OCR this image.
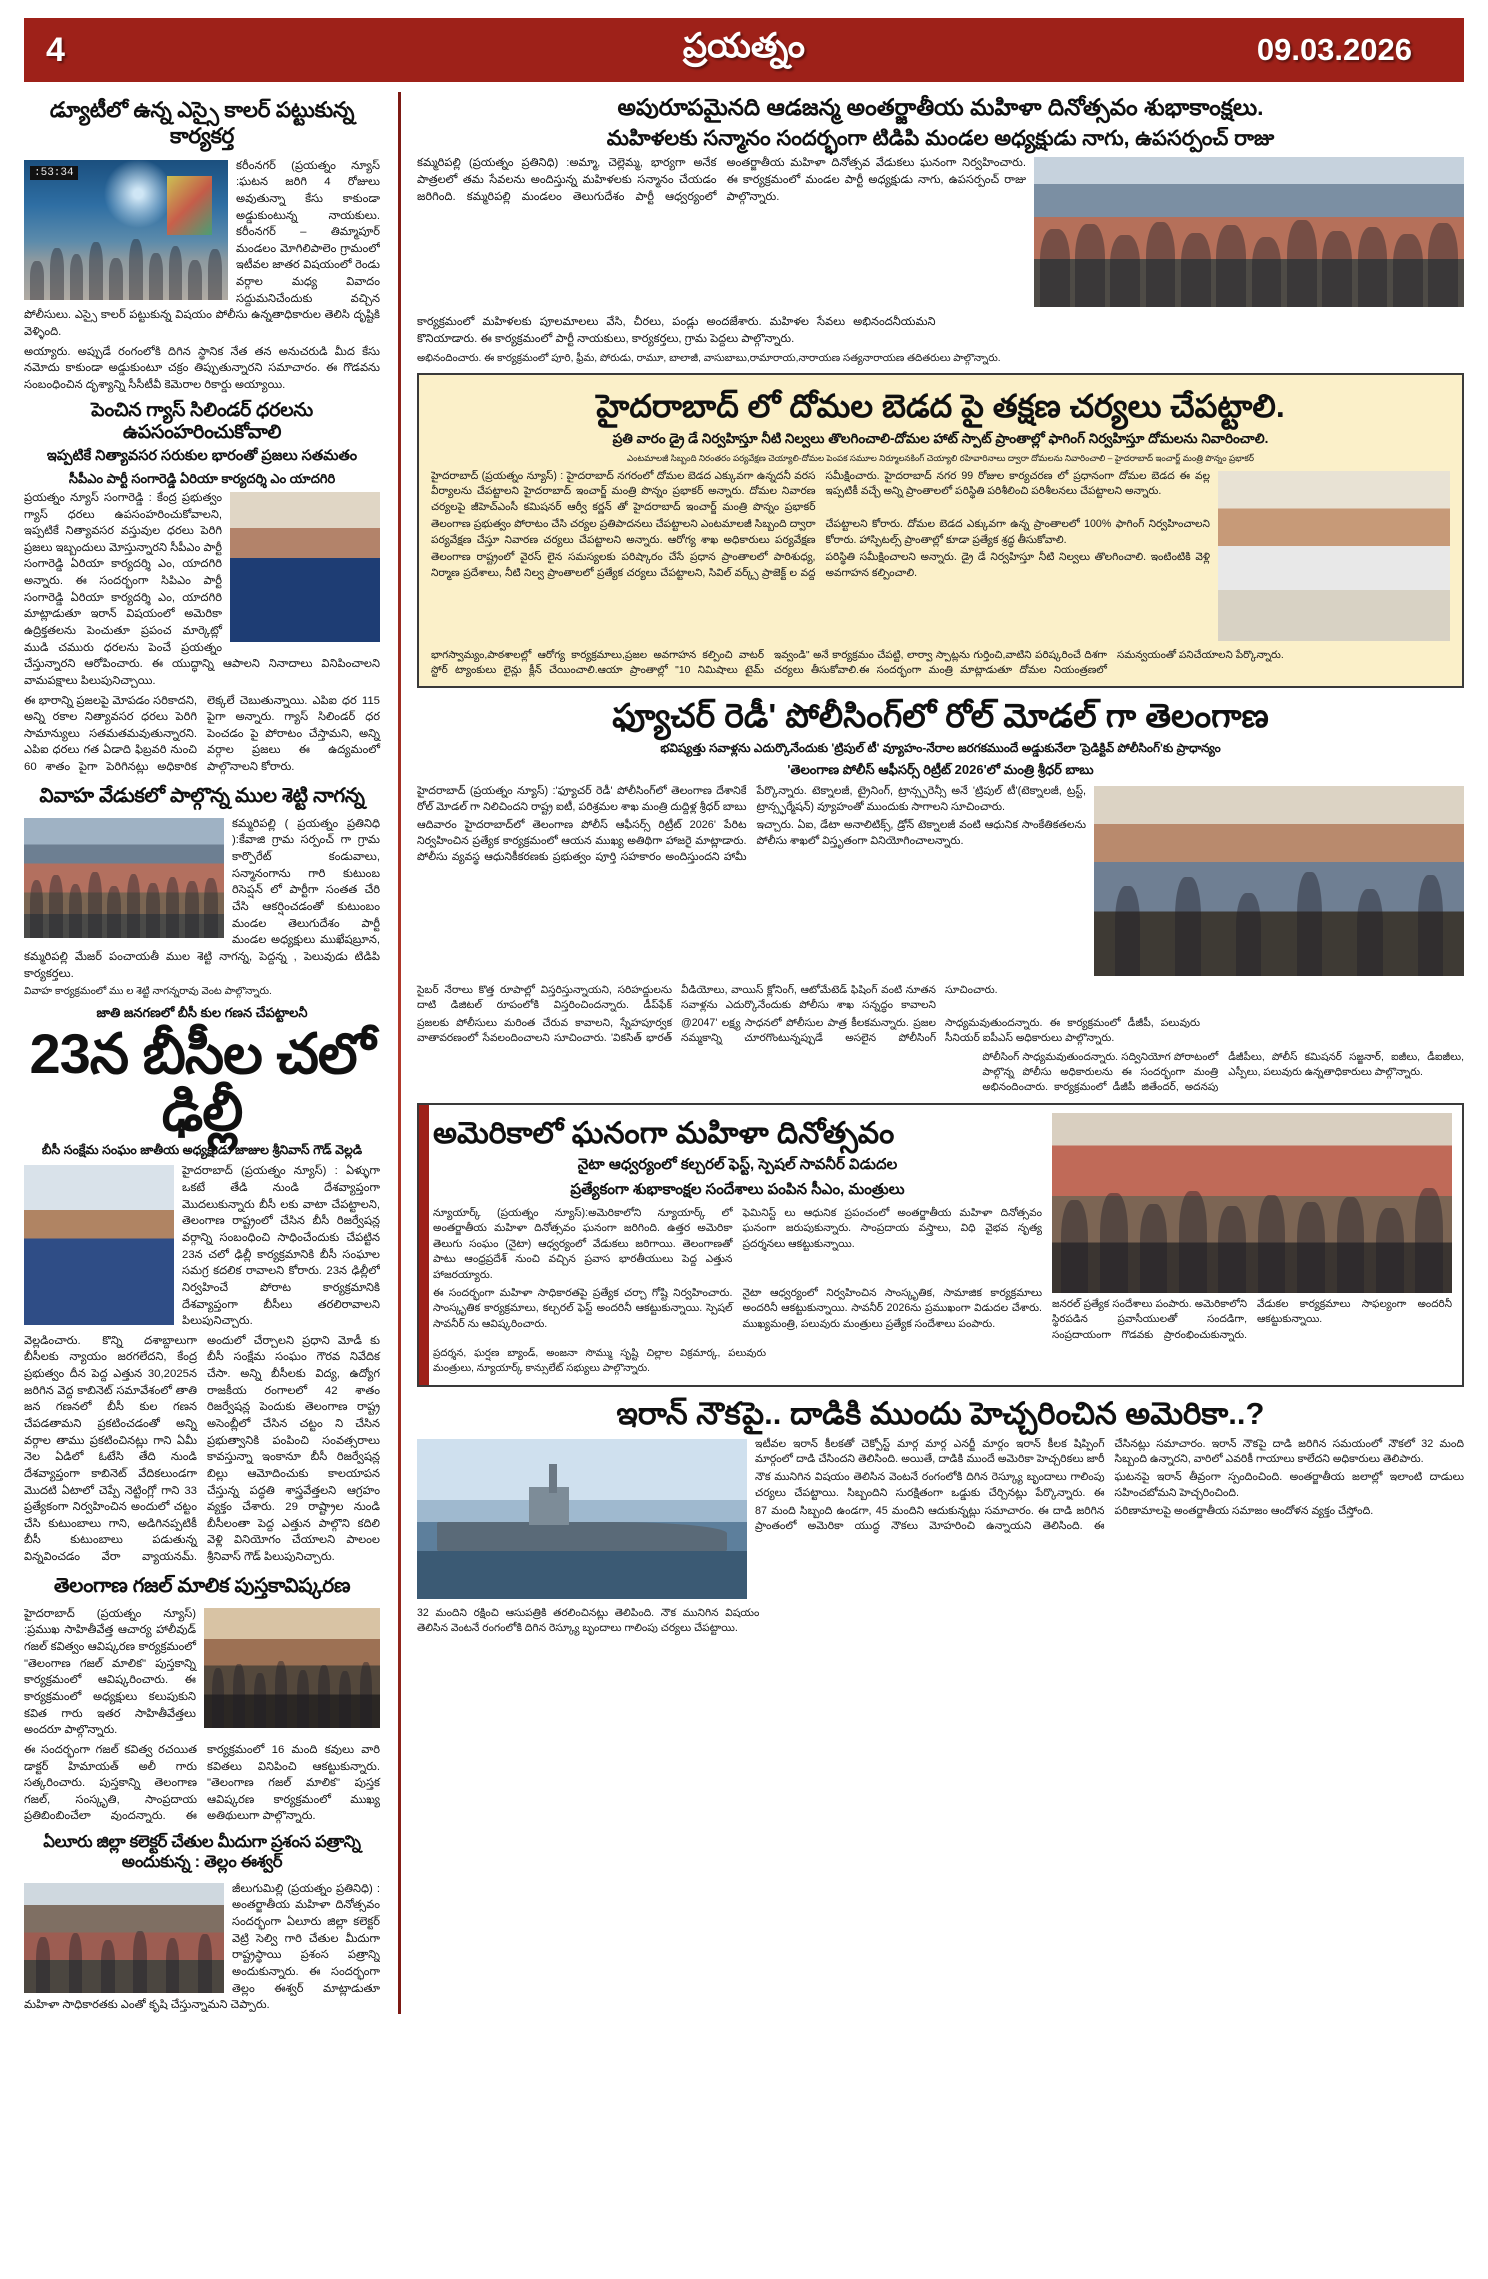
4	ప్రయత్నం	09.03.2026
డ్యూటీలో ఉన్న ఎస్సై కాలర్ పట్టుకున్న కార్యకర్త
:53:34
కరీంనగర్ (ప్రయత్నం న్యూస్ :ఘటన జరిగి 4 రోజులు అవుతున్నా కేసు కాకుండా అడ్డుకుంటున్న నాయకులు. కరీంనగర్ – తిమ్మాపూర్ మండలం మోగిలిపాలెం గ్రామంలో ఇటీవల జాతర విషయంలో రెండు వర్గాల మధ్య వివాదం సద్దుమనిచేందుకు వచ్చిన పోలీసులు. ఎస్సై కాలర్ పట్టుకున్న విషయం పోలీసు ఉన్నతాధికారుల తెలిసి దృష్టికి వెళ్ళింది.
అయ్యారు. అప్పుడే రంగంలోకి దిగిన స్థానిక నేత తన అనుచరుడి మీద కేసు నమోదు కాకుండా అడ్డుకుంటూ చక్రం తిప్పుతున్నారని సమాచారం. ఈ గొడవను సంబంధించిన దృశ్యాన్ని సీసీటీవీ కెమెరాల రికార్డు అయ్యాయి.
పెంచిన గ్యాస్ సిలిండర్ ధరలను ఉపసంహరించుకోవాలి
ఇప్పటికే నిత్యావసర సరుకుల భారంతో ప్రజలు సతమతం
సీపీఎం పార్టీ సంగారెడ్డి ఏరియా కార్యదర్శి ఎం యాదగిరి
ప్రయత్నం న్యూస్ సంగారెడ్డి : కేంద్ర ప్రభుత్వం గ్యాస్ ధరలు ఉపసంహరించుకోవాలని, ఇప్పటికే నిత్యావసర వస్తువుల ధరలు పెరిగి ప్రజలు ఇబ్బందులు మోస్తున్నారని సీపీఎం పార్టీ సంగారెడ్డి ఏరియా కార్యదర్శి ఎం, యాదగిరి అన్నారు. ఈ సందర్భంగా సిపిఎం పార్టీ సంగారెడ్డి ఏరియా కార్యదర్శి ఎం, యాదగిరి మాట్లాడుతూ ఇరాన్ విషయంలో అమెరికా ఉద్రిక్తతలను పెంచుతూ ప్రపంచ మార్కెట్లో ముడి చమురు ధరలను పెంచే ప్రయత్నం చేస్తున్నారని ఆరోపించారు. ఈ యుద్ధాన్ని ఆపాలని నినాదాలు వినిపించాలని వామపక్షాలు పిలుపునిచ్చాయి.
ఈ భారాన్ని ప్రజలపై మోపడం సరికాదని, అన్ని రకాల నిత్యావసర ధరలు పెరిగి సామాన్యులు సతమతమవుతున్నారని. ఎపిఐ ధరలు గత ఏడాది ఫిబ్రవరి నుంచి 60 శాతం పైగా పెరిగినట్లు అధికారిక లెక్కలే చెబుతున్నాయి. ఎపిఐ ధర 115 పైగా అన్నారు. గ్యాస్ సిలిండర్ ధర పెంచడం పై పోరాటం చేస్తామని, అన్ని వర్గాల ప్రజలు ఈ ఉద్యమంలో పాల్గొనాలని కోరారు.
వివాహ వేడుకలో పాల్గొన్న ముల శెట్టి నాగన్న
కమ్మరిపల్లి ( ప్రయత్నం ప్రతినిధి ):కేవాజి గ్రామ సర్పంచ్ గా గ్రామ కార్పొరేట్ కండువాలు, సన్మానంగాను గారి కుటుంబ రిసెప్షన్ లో పార్టీగా సంతత చేరి చేసి ఆకర్షించడంతో కుటుంబం మండల తెలుగుదేశం పార్టీ మండల అధ్యక్షులు ముఖేషబ్రూన, కమ్మరిపల్లి మేజర్ పంచాయతీ ముల శెట్టి నాగన్న, పెద్దన్న , పెలువుడు టిడిపి కార్యకర్తలు.
వివాహ కార్యక్రమంలో ము ల శెట్టి నాగన్నరావు వెంట పాల్గొన్నారు.
జాతి జనగణలో బీసీ కుల గణన చేపట్టాలనీ
23న బీసీల చలో ఢిల్లీ
బీసీ సంక్షేమ సంఘం జాతీయ అధ్యక్షుడు జాజుల శ్రీనివాస్ గౌడ్ వెల్లడి
హైదరాబాద్ (ప్రయత్నం న్యూస్) : ఏళ్ళుగా ఒకటే తేడి నుండి దేశవ్యాప్తంగా మొదలుకున్నారు బీసీ లకు వాటా చేపట్టాలని, తెలంగాణ రాష్ట్రంలో చేసిన బీసీ రిజర్వేషన్ల వర్గాన్ని సంబంధించి సాధించేందుకు చేపట్టిన 23న చలో ఢిల్లీ కార్యక్రమానికి బీసీ సంఘాల సమగ్ర కదలిక రావాలని కోరారు. 23న ఢిల్లీలో నిర్వహించే పోరాట కార్యక్రమానికి దేశవ్యాప్తంగా బీసీలు తరలిరావాలని పిలుపునిచ్చారు.
వెల్లడించారు. కొన్ని దశాబ్దాలుగా బీసీలకు న్యాయం జరగలేదని, కేంద్ర ప్రభుత్వం దీన పెద్ద ఎత్తున 30,2025న జరిగిన వెద్ద కాబినెట్ సమావేశంలో తాతి జన గణనలో బీసీ కుల గణన చేపడతామని ప్రకటించడంతో అన్ని వర్గాల తాము ప్రకటించినట్లు గాని ఏమీ నెల ఏడిలో ఓటేసి తేది నుండి దేశవ్యాప్తంగా కాబినెట్ వేదికలుండగా మొదటి ఏటాలో చెప్పే నెట్టింగ్లో గాని 33 ప్రత్యేకంగా నిర్వహించిన అందులో చట్టం చేసి కుటుంబాలు గాని, అడిగినప్పటికీ బీసీ కుటుంబాలు పడుతున్న విన్నవించడం వేరా వ్యాయనమ్. అందులో చేర్చాలని ప్రధాని మోడీ కు బీసీ సంక్షేమ సంఘం గౌరవ నివేదిక చేసా. అన్ని బీసీలకు విద్య, ఉద్యోగ రాజకీయ రంగాలలో 42 శాతం రిజర్వేషన్ల పెందుకు తెలంగాణ రాష్ట్ర అసెంబ్లీలో చేసిన చట్టం ని చేసిన ప్రభుత్వానికి పంపించి సంవత్సరాలు కావస్తున్నా ఇంకానూ బీసీ రిజర్వేషన్ల బిల్లు ఆమోదించుకు కాలయాపన చేస్తున్న పద్ధతి శాస్త్రవేత్తలని ఆగ్రహం వ్యక్తం చేశారు. 29 రాష్ట్రాల నుండి బీసీలంతా పెద్ద ఎత్తున పాల్గొని కదిలి వెళ్లి వినియోగం చేయాలని పాలంల శ్రీనివాస్ గౌడ్ పిలుపునిచ్చారు.
తెలంగాణ గజల్ మాలిక పుస్తకావిష్కరణ
హైదరాబాద్ (ప్రయత్నం న్యూస్) :ప్రముఖ సాహితీవేత్త ఆచార్య హాలీవుడ్ గజల్ కవిత్వం ఆవిష్కరణ కార్యక్రమంలో "తెలంగాణ గజల్ మాలిక" పుస్తకాన్ని కార్యక్రమంలో ఆవిష్కరించారు. ఈ కార్యక్రమంలో అధ్యక్షులు కలుపుకుని కవిత గారు ఇతర సాహితీవేత్తలు అందరూ పాల్గొన్నారు.
ఈ సందర్భంగా గజల్ కవిత్వ రచయిత డాక్టర్ హిమాయత్ అలీ గారు సత్కరించారు. పుస్తకాన్ని తెలంగాణ గజల్, సంస్కృతి, సాంప్రదాయ ప్రతిబింబించేలా వుందన్నారు. ఈ కార్యక్రమంలో 16 మంది కవులు వారి కవితలు వినిపించి ఆకట్టుకున్నారు. "తెలంగాణ గజల్ మాలిక" పుస్తక ఆవిష్కరణ కార్యక్రమంలో ముఖ్య అతిథులుగా పాల్గొన్నారు.
ఏలూరు జిల్లా కలెక్టర్ చేతుల మీదుగా ప్రశంస పత్రాన్ని అందుకున్న : తెల్లం ఈశ్వర్
జీలుగుమిల్లి (ప్రయత్నం ప్రతినిధి) : అంతర్జాతీయ మహిళా దినోత్సవం సందర్భంగా ఏలూరు జిల్లా కలెక్టర్ వెట్రి సెల్వి గారి చేతుల మీదుగా రాష్ట్రస్థాయి ప్రశంస పత్రాన్ని అందుకున్నారు. ఈ సందర్భంగా తెల్లం ఈశ్వర్ మాట్లాడుతూ మహిళా సాధికారతకు ఎంతో కృషి చేస్తున్నామని చెప్పారు.
అపురూపమైనది ఆడజన్మ అంతర్జాతీయ మహిళా దినోత్సవం శుభాకాంక్షలు.
మహిళలకు సన్మానం సందర్భంగా టిడిపి మండల అధ్యక్షుడు నాగు, ఉపసర్పంచ్ రాజు
కమ్మరిపల్లి (ప్రయత్నం ప్రతినిధి) :అమ్మా, చెల్లెమ్మ, భార్యగా అనేక పాత్రలలో తమ సేవలను అందిస్తున్న మహిళలకు సన్మానం చేయడం జరిగింది. కమ్మరిపల్లి మండలం తెలుగుదేశం పార్టీ ఆధ్వర్యంలో అంతర్జాతీయ మహిళా దినోత్సవ వేడుకలు ఘనంగా నిర్వహించారు. ఈ కార్యక్రమంలో మండల పార్టీ అధ్యక్షుడు నాగు, ఉపసర్పంచ్ రాజు పాల్గొన్నారు.
కార్యక్రమంలో మహిళలకు పూలమాలలు వేసి, చీరలు, పండ్లు అందజేశారు. మహిళల సేవలు అభినందనీయమని కొనియాడారు. ఈ కార్యక్రమంలో పార్టీ నాయకులు, కార్యకర్తలు, గ్రామ పెద్దలు పాల్గొన్నారు.
అభినందించారు. ఈ కార్యక్రమంలో పూరి, ఫ్రీమ, పోరుడు, రామూ, బాలాజీ, వాసుబాబు,రామారాయ,నారాయణ సత్యనారాయణ తదితరులు పాల్గొన్నారు.
హైదరాబాద్ లో దోమల బెడద పై తక్షణ చర్యలు చేపట్టాలి.
ప్రతి వారం డ్రై డే నిర్వహిస్తూ నీటి నిల్వలు తొలగించాలి-దోమల హాట్ స్పాట్ ప్రాంతాల్లో ఫాగింగ్ నిర్వహిస్తూ దోమలను నివారించాలి.
ఎంటమాలజీ సిబ్బంది నిరంతరం పర్యవేక్షణ చెయ్యాలి-దోమల పెంపక సమూల నిర్మూలనకింగ్ చెయ్యాలి రహివారినాలు ద్వారా దోమలను నివారించాలి – హైదరాబాద్ ఇంచార్జ్ మంత్రి పొన్నం ప్రభాకర్
హైదరాబాద్ (ప్రయత్నం న్యూస్) : హైదరాబాద్ నగరంలో దోమల బెడద ఎక్కువగా ఉన్నదనీ వరస వీర్యాలను చేపట్టాలని హైదరాబాద్ ఇంచార్జ్ మంత్రి పొన్నం ప్రభాకర్ అన్నారు. దోమల నివారణ చర్యలపై జీహెచ్ఎంసీ కమిషనర్ ఆర్వీ కర్ణన్ తో హైదరాబాద్ ఇంచార్జ్ మంత్రి పొన్నం ప్రభాకర్ సమీక్షించారు. హైదరాబాద్ నగర 99 రోజుల కార్యచరణ లో ప్రధానంగా దోమల బెడద ఈ వల్ల ఇప్పటికీ వచ్చే అన్ని ప్రాంతాలలో పరిస్థితి పరిశీలించి పరిశీలనలు చేపట్టాలని అన్నారు.
తెలంగాణ ప్రభుత్వం పోరాటం చేసి చర్యల ప్రతిపాదనలు చేపట్టాలని ఎంటమాలజీ సిబ్బంది ద్వారా పర్యవేక్షణ చేస్తూ నివారణ చర్యలు చేపట్టాలని అన్నారు. ఆరోగ్య శాఖ అధికారులు పర్యవేక్షణ చేపట్టాలని కోరారు. దోమల బెడద ఎక్కువగా ఉన్న ప్రాంతాలలో 100% ఫాగింగ్ నిర్వహించాలని కోరారు. హాస్పిటల్స్ ప్రాంతాల్లో కూడా ప్రత్యేక శ్రద్ధ తీసుకోవాలి.
తెలంగాణ రాష్ట్రంలో వైరస్ లైన సమస్యలకు పరిష్కారం చేసే ప్రధాన ప్రాంతాలలో పారిశుధ్య, నిర్మాణ ప్రదేశాలు, నీటి నిల్వ ప్రాంతాలలో ప్రత్యేక చర్యలు చేపట్టాలని, సివిల్ వర్క్స్ ప్రాజెక్ట్ ల వద్ద పరిస్థితి సమీక్షించాలని అన్నారు. డ్రై డే నిర్వహిస్తూ నీటి నిల్వలు తొలగించాలి. ఇంటింటికి వెళ్లి అవగాహన కల్పించాలి.
భాగస్వామ్యం,పాఠశాలల్లో ఆరోగ్య కార్యక్రమాలు,ప్రజల అవగాహన కల్పించి వాటర్ స్టోర్ ట్యాంకులు లైన్లు క్లీన్ చేయించాలి.ఆయా ప్రాంతాల్లో "10 నిమిషాలు టైమ్ ఇవ్వండి" అనే కార్యక్రమం చేపట్టి, లార్వా స్పాట్లను గుర్తించి,వాటిని పరిష్కరించే దిశగా చర్యలు తీసుకోవాలి.ఈ సందర్భంగా మంత్రి మాట్లాడుతూ దోమల నియంత్రణలో సమన్వయంతో పనిచేయాలని పేర్కొన్నారు.
ఫ్యూచర్ రెడీ' పోలీసింగ్‌లో రోల్ మోడల్ గా తెలంగాణ
భవిష్యత్తు సవాళ్లను ఎదుర్కొనేందుకు 'ట్రిపుల్ టీ' వ్యూహం-నేరాల జరగకముందే అడ్డుకునేలా 'ప్రెడిక్టివ్ పోలీసింగ్'కు ప్రాధాన్యం
'తెలంగాణ పోలీస్ ఆఫీసర్స్ రిట్రీట్ 2026'లో మంత్రి శ్రీధర్ బాబు
హైదరాబాద్ (ప్రయత్నం న్యూస్) :'ఫ్యూచర్ రెడీ' పోలీసింగ్‌లో తెలంగాణ దేశానికే రోల్ మోడల్ గా నిలిచిందని రాష్ట్ర ఐటీ, పరిశ్రమల శాఖ మంత్రి దుద్దిళ్ల శ్రీధర్ బాబు పేర్కొన్నారు. టెక్నాలజీ, ట్రైనింగ్, ట్రాన్స్పరెన్సీ అనే 'ట్రిపుల్ టీ'(టెక్నాలజీ, ట్రస్ట్, ట్రాన్స్ఫర్మేషన్) వ్యూహంతో ముందుకు సాగాలని సూచించారు.
ఆదివారం హైదరాబాద్‌లో తెలంగాణ పోలీస్ ఆఫీసర్స్ రిట్రీట్ 2026' పేరిట నిర్వహించిన ప్రత్యేక కార్యక్రమంలో ఆయన ముఖ్య అతిథిగా హాజరై మాట్లాడారు. పోలీసు వ్యవస్థ ఆధునికీకరణకు ప్రభుత్వం పూర్తి సహకారం అందిస్తుందని హామీ ఇచ్చారు. ఏఐ, డేటా అనాలిటిక్స్, డ్రోన్ టెక్నాలజీ వంటి ఆధునిక సాంకేతికతలను పోలీసు శాఖలో విస్తృతంగా వినియోగించాలన్నారు.
సైబర్ నేరాలు కొత్త రూపాల్లో విస్తరిస్తున్నాయని, సరిహద్దులను దాటి డిజిటల్ రూపంలోకి విస్తరించిందన్నారు. డీప్‌ఫేక్ వీడియోలు, వాయిస్ క్లోనింగ్, ఆటోమేటెడ్ ఫిషింగ్ వంటి నూతన సవాళ్లను ఎదుర్కొనేందుకు పోలీసు శాఖ సన్నద్ధం కావాలని సూచించారు.
ప్రజలకు పోలీసులు మరింత చేరువ కావాలని, స్నేహపూర్వక వాతావరణంలో సేవలందించాలని సూచించారు. 'వికసిత్ భారత్ @2047' లక్ష్య సాధనలో పోలీసుల పాత్ర కీలకమన్నారు. ప్రజల నమ్మకాన్ని చూరగొంటున్నప్పుడే అసలైన పోలీసింగ్ సాధ్యమవుతుందన్నారు. ఈ కార్యక్రమంలో డీజీపీ, పలువురు సీనియర్ ఐపీఎస్ అధికారులు పాల్గొన్నారు.
పోలీసింగ్ సాధ్యమవుతుందన్నారు. సద్వినియోగ పోరాటంలో పాల్గొన్న పోలీసు అధికారులను ఈ సందర్భంగా మంత్రి అభినందించారు. కార్యక్రమంలో డీజీపీ జితేందర్, అదనపు డీజీపీలు, పోలీస్ కమిషనర్ సజ్జనార్, ఐజీలు, డీఐజీలు, ఎస్పీలు, పలువురు ఉన్నతాధికారులు పాల్గొన్నారు.
అమెరికాలో ఘనంగా మహిళా దినోత్సవం
నైటా ఆధ్వర్యంలో కల్చరల్ ఫెస్ట్, స్పెషల్ సావనీర్ విడుదల
ప్రత్యేకంగా శుభాకాంక్షల సందేశాలు పంపిన సీఎం, మంత్రులు
న్యూయార్క్ (ప్రయత్నం న్యూస్):అమెరికాలోని న్యూయార్క్ లో అంతర్జాతీయ మహిళా దినోత్సవం ఘనంగా జరిగింది. ఉత్తర అమెరికా తెలుగు సంఘం (నైటా) ఆధ్వర్యంలో వేడుకలు జరిగాయి. తెలంగాణతో పాటు ఆంధ్రప్రదేశ్ నుంచి వచ్చిన ప్రవాస భారతీయులు పెద్ద ఎత్తున హాజరయ్యారు.
ఫెమినిస్ట్ లు ఆధునిక ప్రపంచంలో అంతర్జాతీయ మహిళా దినోత్సవం ఘనంగా జరుపుకున్నారు. సాంప్రదాయ వస్త్రాలు, విధి వైభవ నృత్య ప్రదర్శనలు ఆకట్టుకున్నాయి.
ఈ సందర్భంగా మహిళా సాధికారతపై ప్రత్యేక చర్చా గోష్టి నిర్వహించారు. సాంస్కృతిక కార్యక్రమాలు, కల్చరల్ ఫెస్ట్ అందరినీ ఆకట్టుకున్నాయి. స్పెషల్ సావనీర్ ను ఆవిష్కరించారు.
నైటా ఆధ్వర్యంలో నిర్వహించిన సాంస్కృతిక, సామాజిక కార్యక్రమాలు అందరినీ ఆకట్టుకున్నాయి. సావనీర్ 2026ను ప్రముఖంగా విడుదల చేశారు. ముఖ్యమంత్రి, పలువురు మంత్రులు ప్రత్యేక సందేశాలు పంపారు.
జనరల్ ప్రత్యేక సందేశాలు పంపారు. అమెరికాలోని స్థిరపడిన ప్రవాసీయులతో సందడిగా, సంప్రదాయంగా గొడవకు ప్రారంభించుకున్నారు. వేడుకల కార్యక్రమాలు సాఫల్యంగా అందరినీ ఆకట్టుకున్నాయి.
ప్రదర్శన, ఘర్షణ బ్యాండ్, అంజనా సొమ్ము సృష్టి చిల్లాల విక్రమార్క, పలువురు మంత్రులు, న్యూయార్క్ కాన్సులేట్ సభ్యులు పాల్గొన్నారు.
ఇరాన్ నౌకపై.. దాడికి ముందు హెచ్చరించిన అమెరికా..?
ఇటీవల ఇరాన్ కీలకతో చెక్పోస్ట్ మార్గ మార్గ ఎనర్జీ మార్గం ఇరాన్ కీలక షిప్పింగ్ మార్గంలో దాడి చేసిందని తెలిసింది. అయితే, దాడికి ముందే అమెరికా హెచ్చరికలు జారీ చేసినట్లు సమాచారం. ఇరాన్ నౌకపై దాడి జరిగిన సమయంలో నౌకలో 32 మంది సిబ్బంది ఉన్నారని, వారిలో ఎవరికీ గాయాలు కాలేదని అధికారులు తెలిపారు.
నౌక మునిగిన విషయం తెలిసిన వెంటనే రంగంలోకి దిగిన రెస్క్యూ బృందాలు గాలింపు చర్యలు చేపట్టాయి. సిబ్బందిని సురక్షితంగా ఒడ్డుకు చేర్చినట్లు పేర్కొన్నారు. ఈ ఘటనపై ఇరాన్ తీవ్రంగా స్పందించింది. అంతర్జాతీయ జలాల్లో ఇలాంటి దాడులు సహించబోమని హెచ్చరించింది.
87 మంది సిబ్బంది ఉండగా, 45 మందిని ఆదుకున్నట్లు సమాచారం. ఈ దాడి జరిగిన ప్రాంతంలో అమెరికా యుద్ధ నౌకలు మోహరించి ఉన్నాయని తెలిసింది. ఈ పరిణామాలపై అంతర్జాతీయ సమాజం ఆందోళన వ్యక్తం చేస్తోంది.
32 మందిని రక్షించి ఆసుపత్రికి తరలించినట్లు తెలిపింది. నౌక మునిగిన విషయం తెలిసిన వెంటనే రంగంలోకి దిగిన రెస్క్యూ బృందాలు గాలింపు చర్యలు చేపట్టాయి.
